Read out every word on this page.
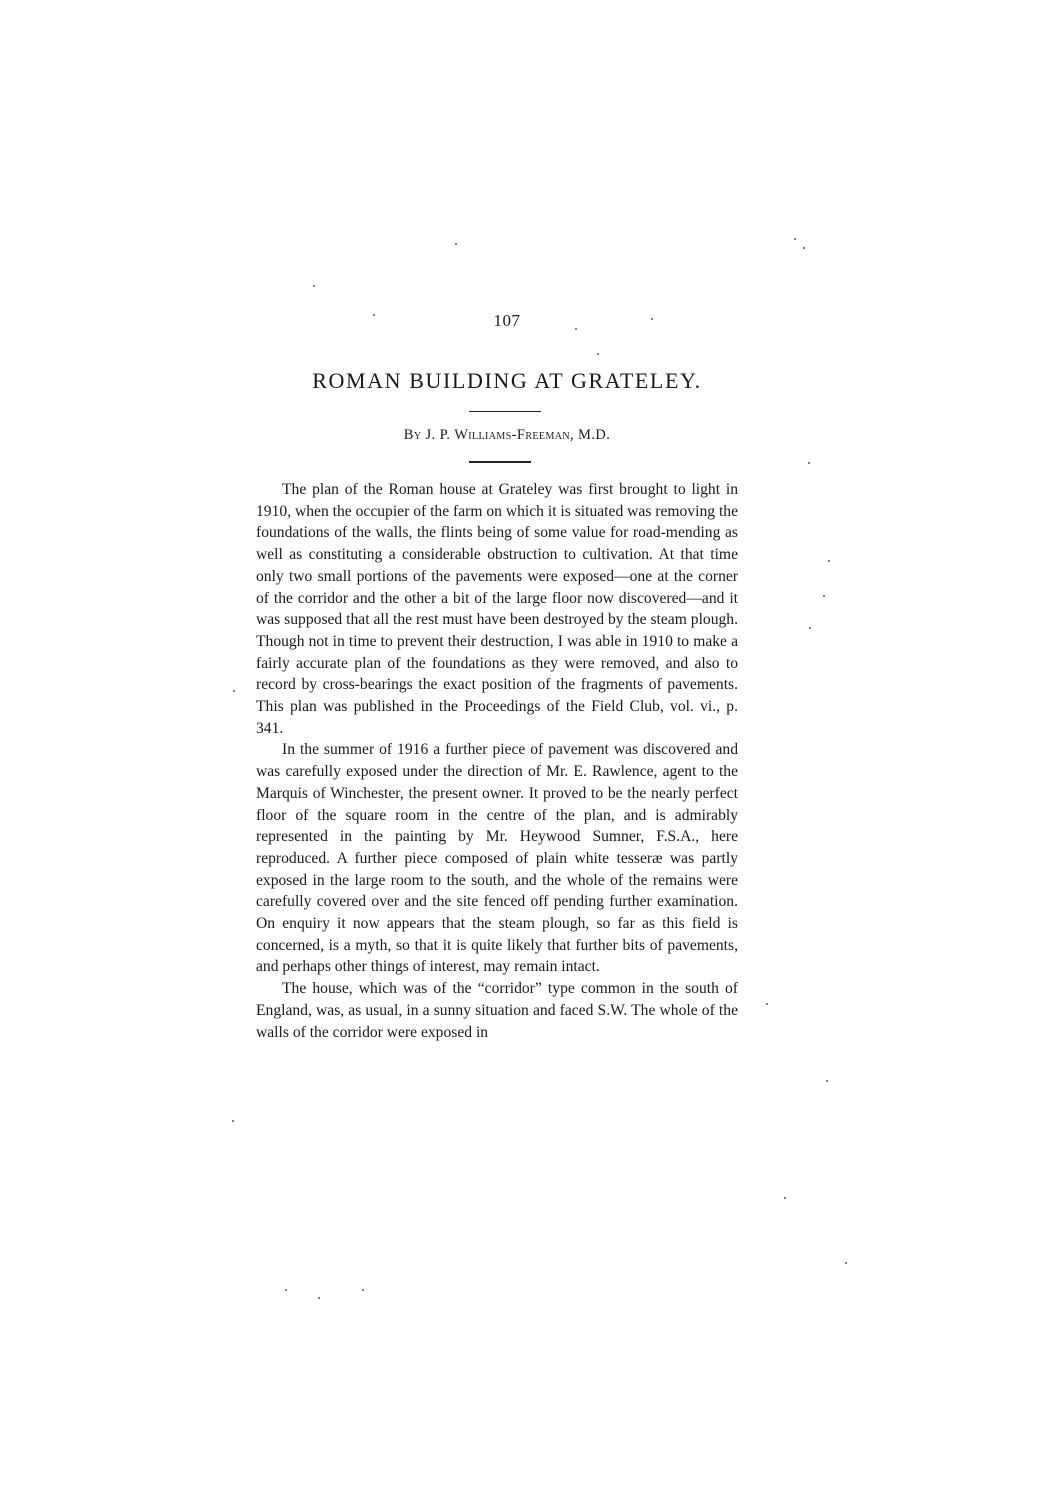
107
ROMAN BUILDING AT GRATELEY.
By J. P. Williams-Freeman, M.D.

The plan of the Roman house at Grateley was first brought to light in 1910, when the occupier of the farm on which it is situated was removing the foundations of the walls, the flints being of some value for road-mending as well as constituting a considerable obstruction to cultivation. At that time only two small portions of the pavements were exposed—one at the corner of the corridor and the other a bit of the large floor now discovered—and it was supposed that all the rest must have been destroyed by the steam plough. Though not in time to prevent their destruction, I was able in 1910 to make a fairly accurate plan of the foundations as they were removed, and also to record by cross-bearings the exact position of the fragments of pavements. This plan was published in the Proceedings of the Field Club, vol. vi., p. 341.

In the summer of 1916 a further piece of pavement was discovered and was carefully exposed under the direction of Mr. E. Rawlence, agent to the Marquis of Winchester, the present owner. It proved to be the nearly perfect floor of the square room in the centre of the plan, and is admirably represented in the painting by Mr. Heywood Sumner, F.S.A., here reproduced. A further piece composed of plain white tesseræ was partly exposed in the large room to the south, and the whole of the remains were carefully covered over and the site fenced off pending further examination. On enquiry it now appears that the steam plough, so far as this field is concerned, is a myth, so that it is quite likely that further bits of pavements, and perhaps other things of interest, may remain intact.

The house, which was of the “corridor” type common in the south of England, was, as usual, in a sunny situation and faced S.W. The whole of the walls of the corridor were exposed in
